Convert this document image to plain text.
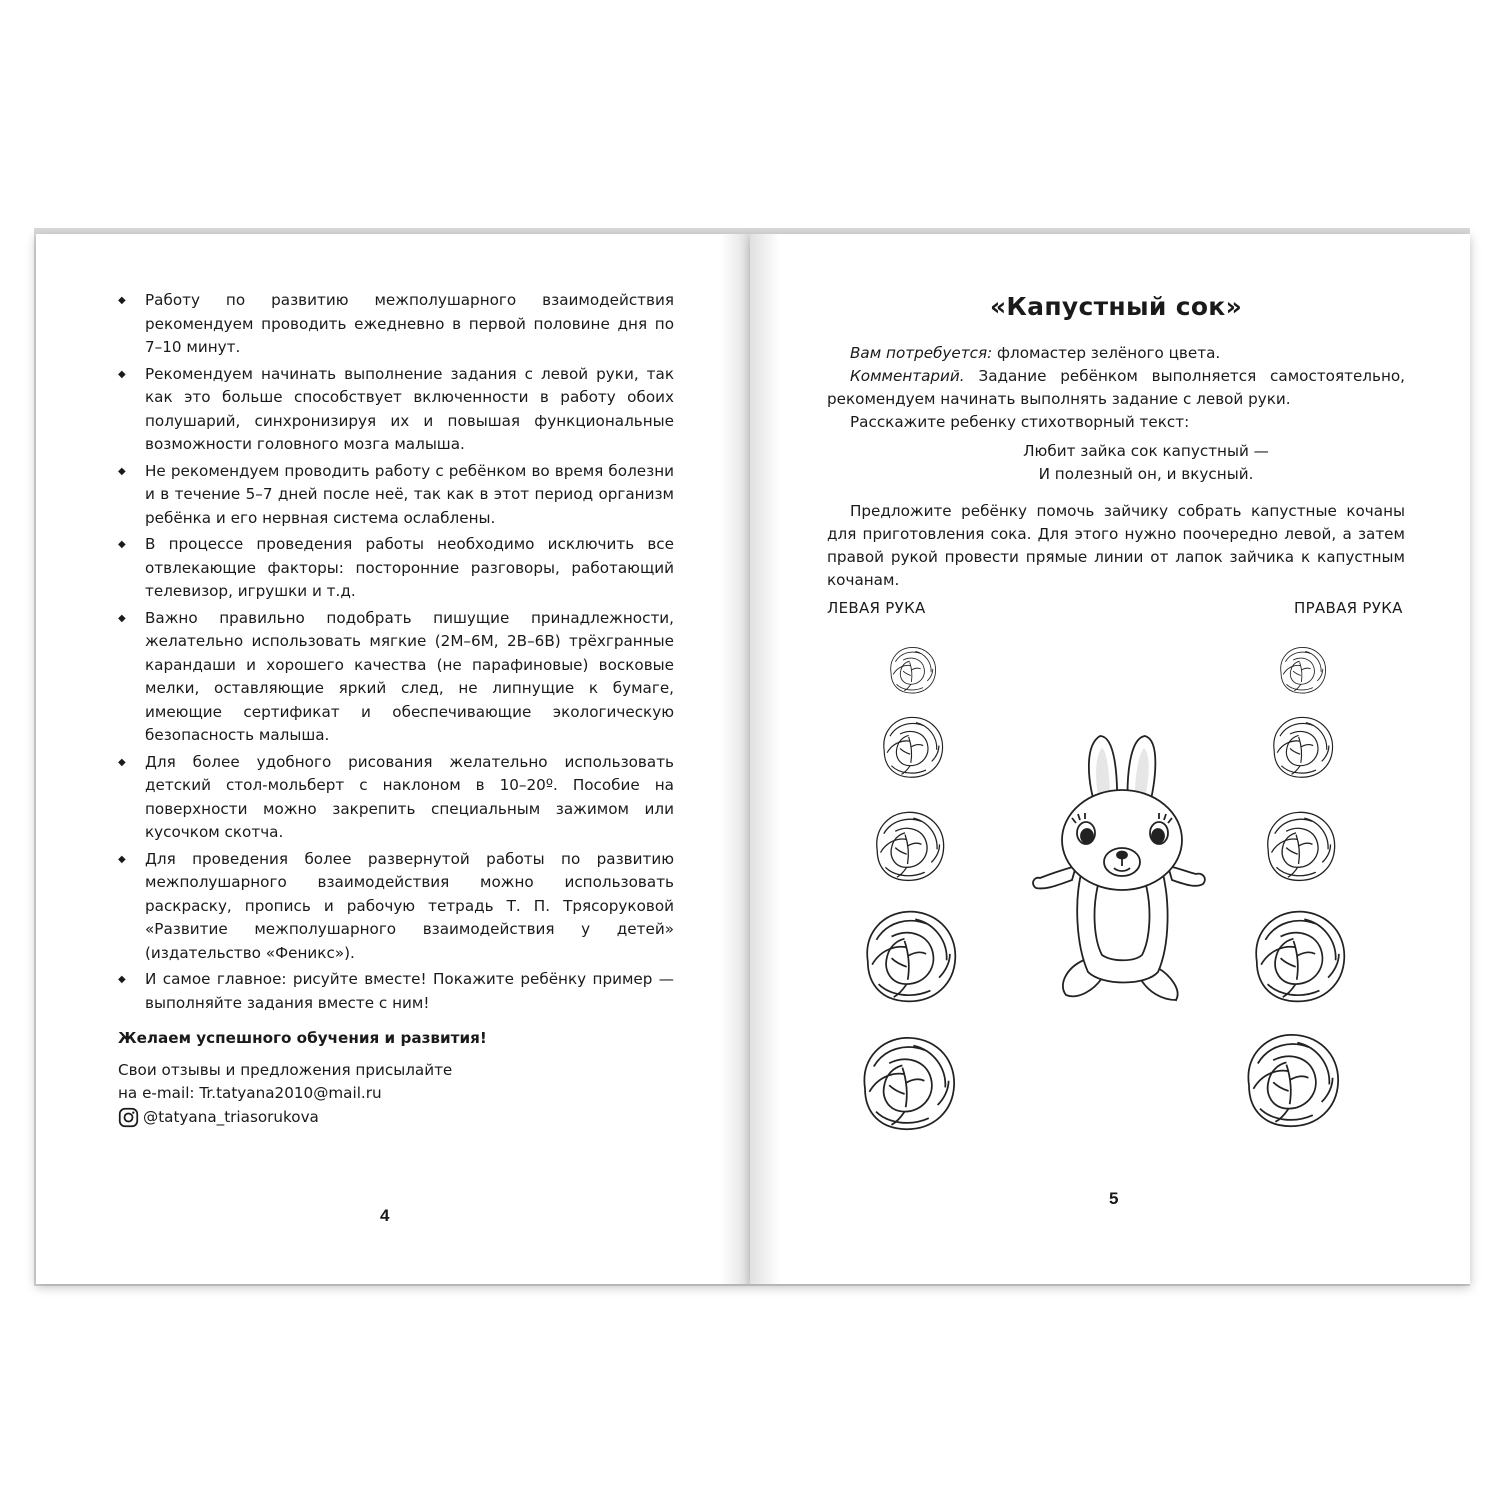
◆ Работу по развитию межполушарного взаимодействия рекомендуем проводить ежедневно в первой половине дня по 7–10 минут.
◆ Рекомендуем начинать выполнение задания с левой руки, так как это больше способствует включенности в работу обоих полушарий, синхронизируя их и повышая функциональные возможности головного мозга малыша.
◆ Не рекомендуем проводить работу с ребёнком во время болезни и в течение 5–7 дней после неё, так как в этот период организм ребёнка и его нервная система ослаблены.
◆ В процессе проведения работы необходимо исключить все отвлекающие факторы: посторонние разговоры, работающий телевизор, игрушки и т.д.
◆ Важно правильно подобрать пишущие принадлежности, желательно использовать мягкие (2М–6М, 2В–6В) трёхгранные карандаши и хорошего качества (не парафиновые) восковые мелки, оставляющие яркий след, не липнущие к бумаге, имеющие сертификат и обеспечивающие экологическую безопасность малыша.
◆ Для более удобного рисования желательно использовать детский стол-мольберт с наклоном в 10–20º. Пособие на поверхности можно закрепить специальным зажимом или кусочком скотча.
◆ Для проведения более развернутой работы по развитию межполушарного взаимодействия можно использовать раскраску, пропись и рабочую тетрадь Т. П. Трясоруковой «Развитие межполушарного взаимодействия у детей» (издательство «Феникс»).
◆ И самое главное: рисуйте вместе! Покажите ребёнку пример — выполняйте задания вместе с ним!
Желаем успешного обучения и развития!
Свои отзывы и предложения присылайте
на e-mail: Tr.tatyana2010@mail.ru
@tatyana_triasorukova
4
«Капустный сок»

Вам потребуется: фломастер зелёного цвета.

Комментарий. Задание ребёнком выполняется самостоятельно, рекомендуем начинать выполнять задание с левой руки.

Расскажите ребенку стихотворный текст:

Любит зайка сок капустный —
И полезный он, и вкусный.

Предложите ребёнку помочь зайчику собрать капустные кочаны для приготовления сока. Для этого нужно поочередно левой, а затем правой рукой провести прямые линии от лапок зайчика к капустным кочанам.

ЛЕВАЯ РУКА	ПРАВАЯ РУКА
5
